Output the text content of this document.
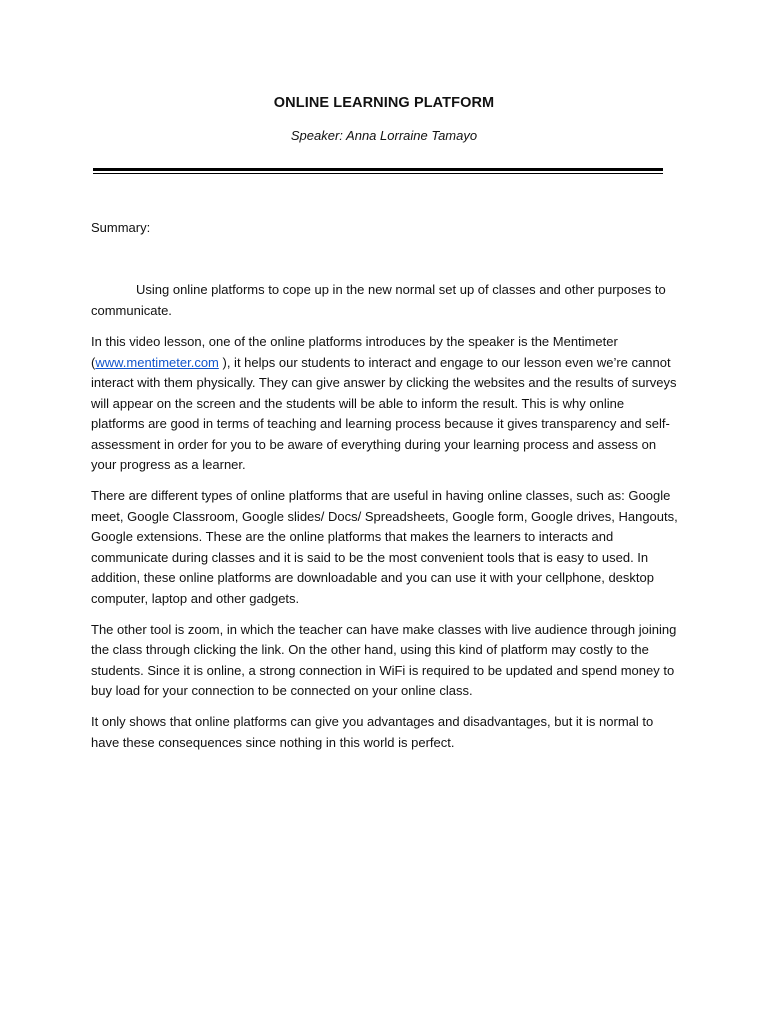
ONLINE LEARNING PLATFORM
Speaker: Anna Lorraine Tamayo
Summary:

Using online platforms to cope up in the new normal set up of classes and other purposes to communicate.

In this video lesson, one of the online platforms introduces by the speaker is the Mentimeter (www.mentimeter.com ), it helps our students to interact and engage to our lesson even we’re cannot interact with them physically. They can give answer by clicking the websites and the results of surveys will appear on the screen and the students will be able to inform the result. This is why online platforms are good in terms of teaching and learning process because it gives transparency and self-assessment in order for you to be aware of everything during your learning process and assess on your progress as a learner.

There are different types of online platforms that are useful in having online classes, such as: Google meet, Google Classroom, Google slides/ Docs/ Spreadsheets, Google form, Google drives, Hangouts, Google extensions. These are the online platforms that makes the learners to interacts and communicate during classes and it is said to be the most convenient tools that is easy to used. In addition, these online platforms are downloadable and you can use it with your cellphone, desktop computer, laptop and other gadgets.

The other tool is zoom, in which the teacher can have make classes with live audience through joining the class through clicking the link. On the other hand, using this kind of platform may costly to the students. Since it is online, a strong connection in WiFi is required to be updated and spend money to buy load for your connection to be connected on your online class.

It only shows that online platforms can give you advantages and disadvantages, but it is normal to have these consequences since nothing in this world is perfect.
